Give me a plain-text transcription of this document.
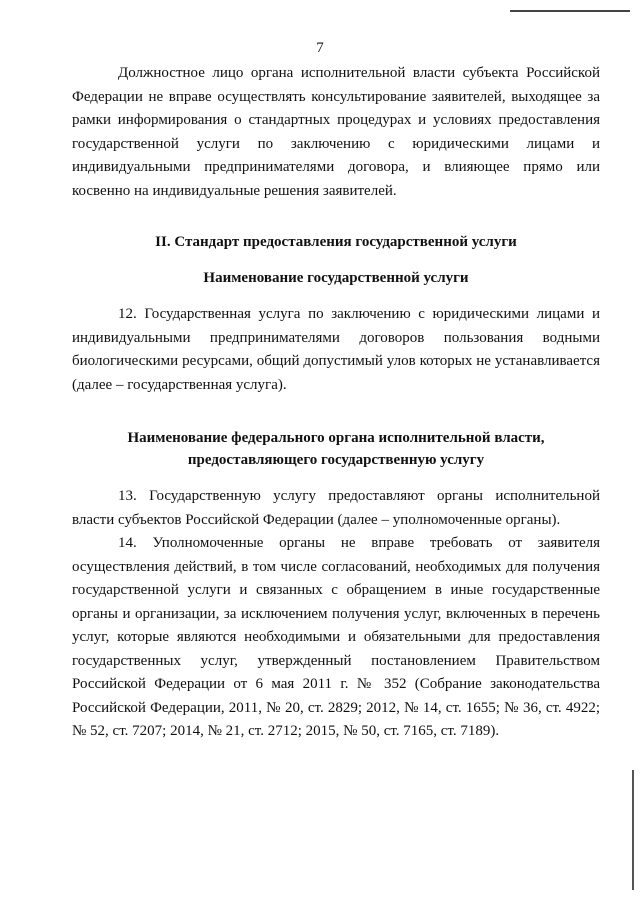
7

Должностное лицо органа исполнительной власти субъекта Российской Федерации не вправе осуществлять консультирование заявителей, выходящее за рамки информирования о стандартных процедурах и условиях предоставления государственной услуги по заключению с юридическими лицами и индивидуальными предпринимателями договора, и влияющее прямо или косвенно на индивидуальные решения заявителей.

II. Стандарт предоставления государственной услуги

Наименование государственной услуги

12. Государственная услуга по заключению с юридическими лицами и индивидуальными предпринимателями договоров пользования водными биологическими ресурсами, общий допустимый улов которых не устанавливается (далее – государственная услуга).

Наименование федерального органа исполнительной власти,
предоставляющего государственную услугу

13. Государственную услугу предоставляют органы исполнительной власти субъектов Российской Федерации (далее – уполномоченные органы).

14. Уполномоченные органы не вправе требовать от заявителя осуществления действий, в том числе согласований, необходимых для получения государственной услуги и связанных с обращением в иные государственные органы и организации, за исключением получения услуг, включенных в перечень услуг, которые являются необходимыми и обязательными для предоставления государственных услуг, утвержденный постановлением Правительством Российской Федерации от 6 мая 2011 г. № 352 (Собрание законодательства Российской Федерации, 2011, № 20, ст. 2829; 2012, № 14, ст. 1655; № 36, ст. 4922; № 52, ст. 7207; 2014, № 21, ст. 2712; 2015, № 50, ст. 7165, ст. 7189).
